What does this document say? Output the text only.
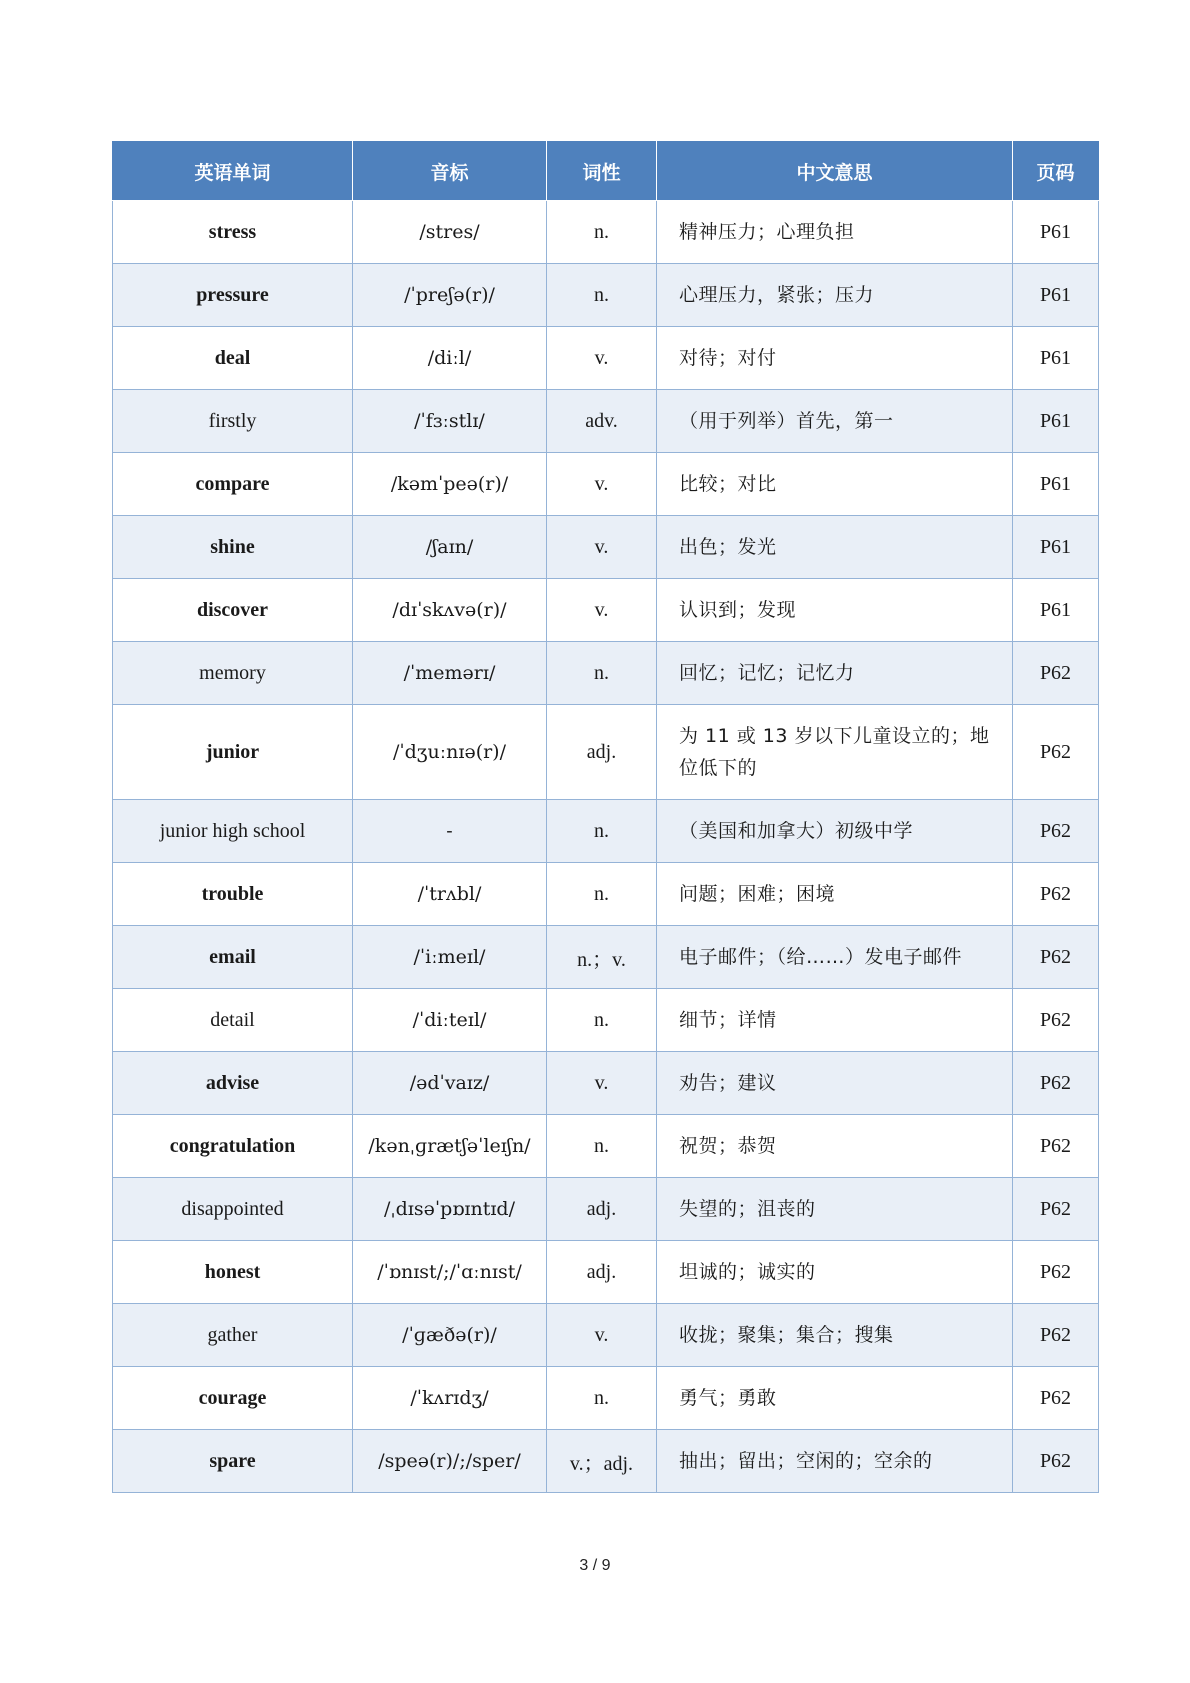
英语单词	音标	词性	中文意思	页码
stress	/stres/	n.	精神压力；心理负担	P61
pressure	/ˈpreʃə(r)/	n.	心理压力，紧张；压力	P61
deal	/diːl/	v.	对待；对付	P61
firstly	/ˈfɜːstlɪ/	adv.	（用于列举）首先，第一	P61
compare	/kəmˈpeə(r)/	v.	比较；对比	P61
shine	/ʃaɪn/	v.	出色；发光	P61
discover	/dɪˈskʌvə(r)/	v.	认识到；发现	P61
memory	/ˈmemərɪ/	n.	回忆；记忆；记忆力	P62
junior	/ˈdʒuːnɪə(r)/	adj.	为 11 或 13 岁以下儿童设立的；地位低下的	P62
junior high school	-	n.	（美国和加拿大）初级中学	P62
trouble	/ˈtrʌbl/	n.	问题；困难；困境	P62
email	/ˈiːmeɪl/	n.；v.	电子邮件；（给……）发电子邮件	P62
detail	/ˈdiːteɪl/	n.	细节；详情	P62
advise	/ədˈvaɪz/	v.	劝告；建议	P62
congratulation	/kənˌɡrætʃəˈleɪʃn/	n.	祝贺；恭贺	P62
disappointed	/ˌdɪsəˈpɒɪntɪd/	adj.	失望的；沮丧的	P62
honest	/ˈɒnɪst/;/ˈɑːnɪst/	adj.	坦诚的；诚实的	P62
gather	/ˈɡæðə(r)/	v.	收拢；聚集；集合；搜集	P62
courage	/ˈkʌrɪdʒ/	n.	勇气；勇敢	P62
spare	/speə(r)/;/sper/	v.；adj.	抽出；留出；空闲的；空余的	P62
3 / 9
